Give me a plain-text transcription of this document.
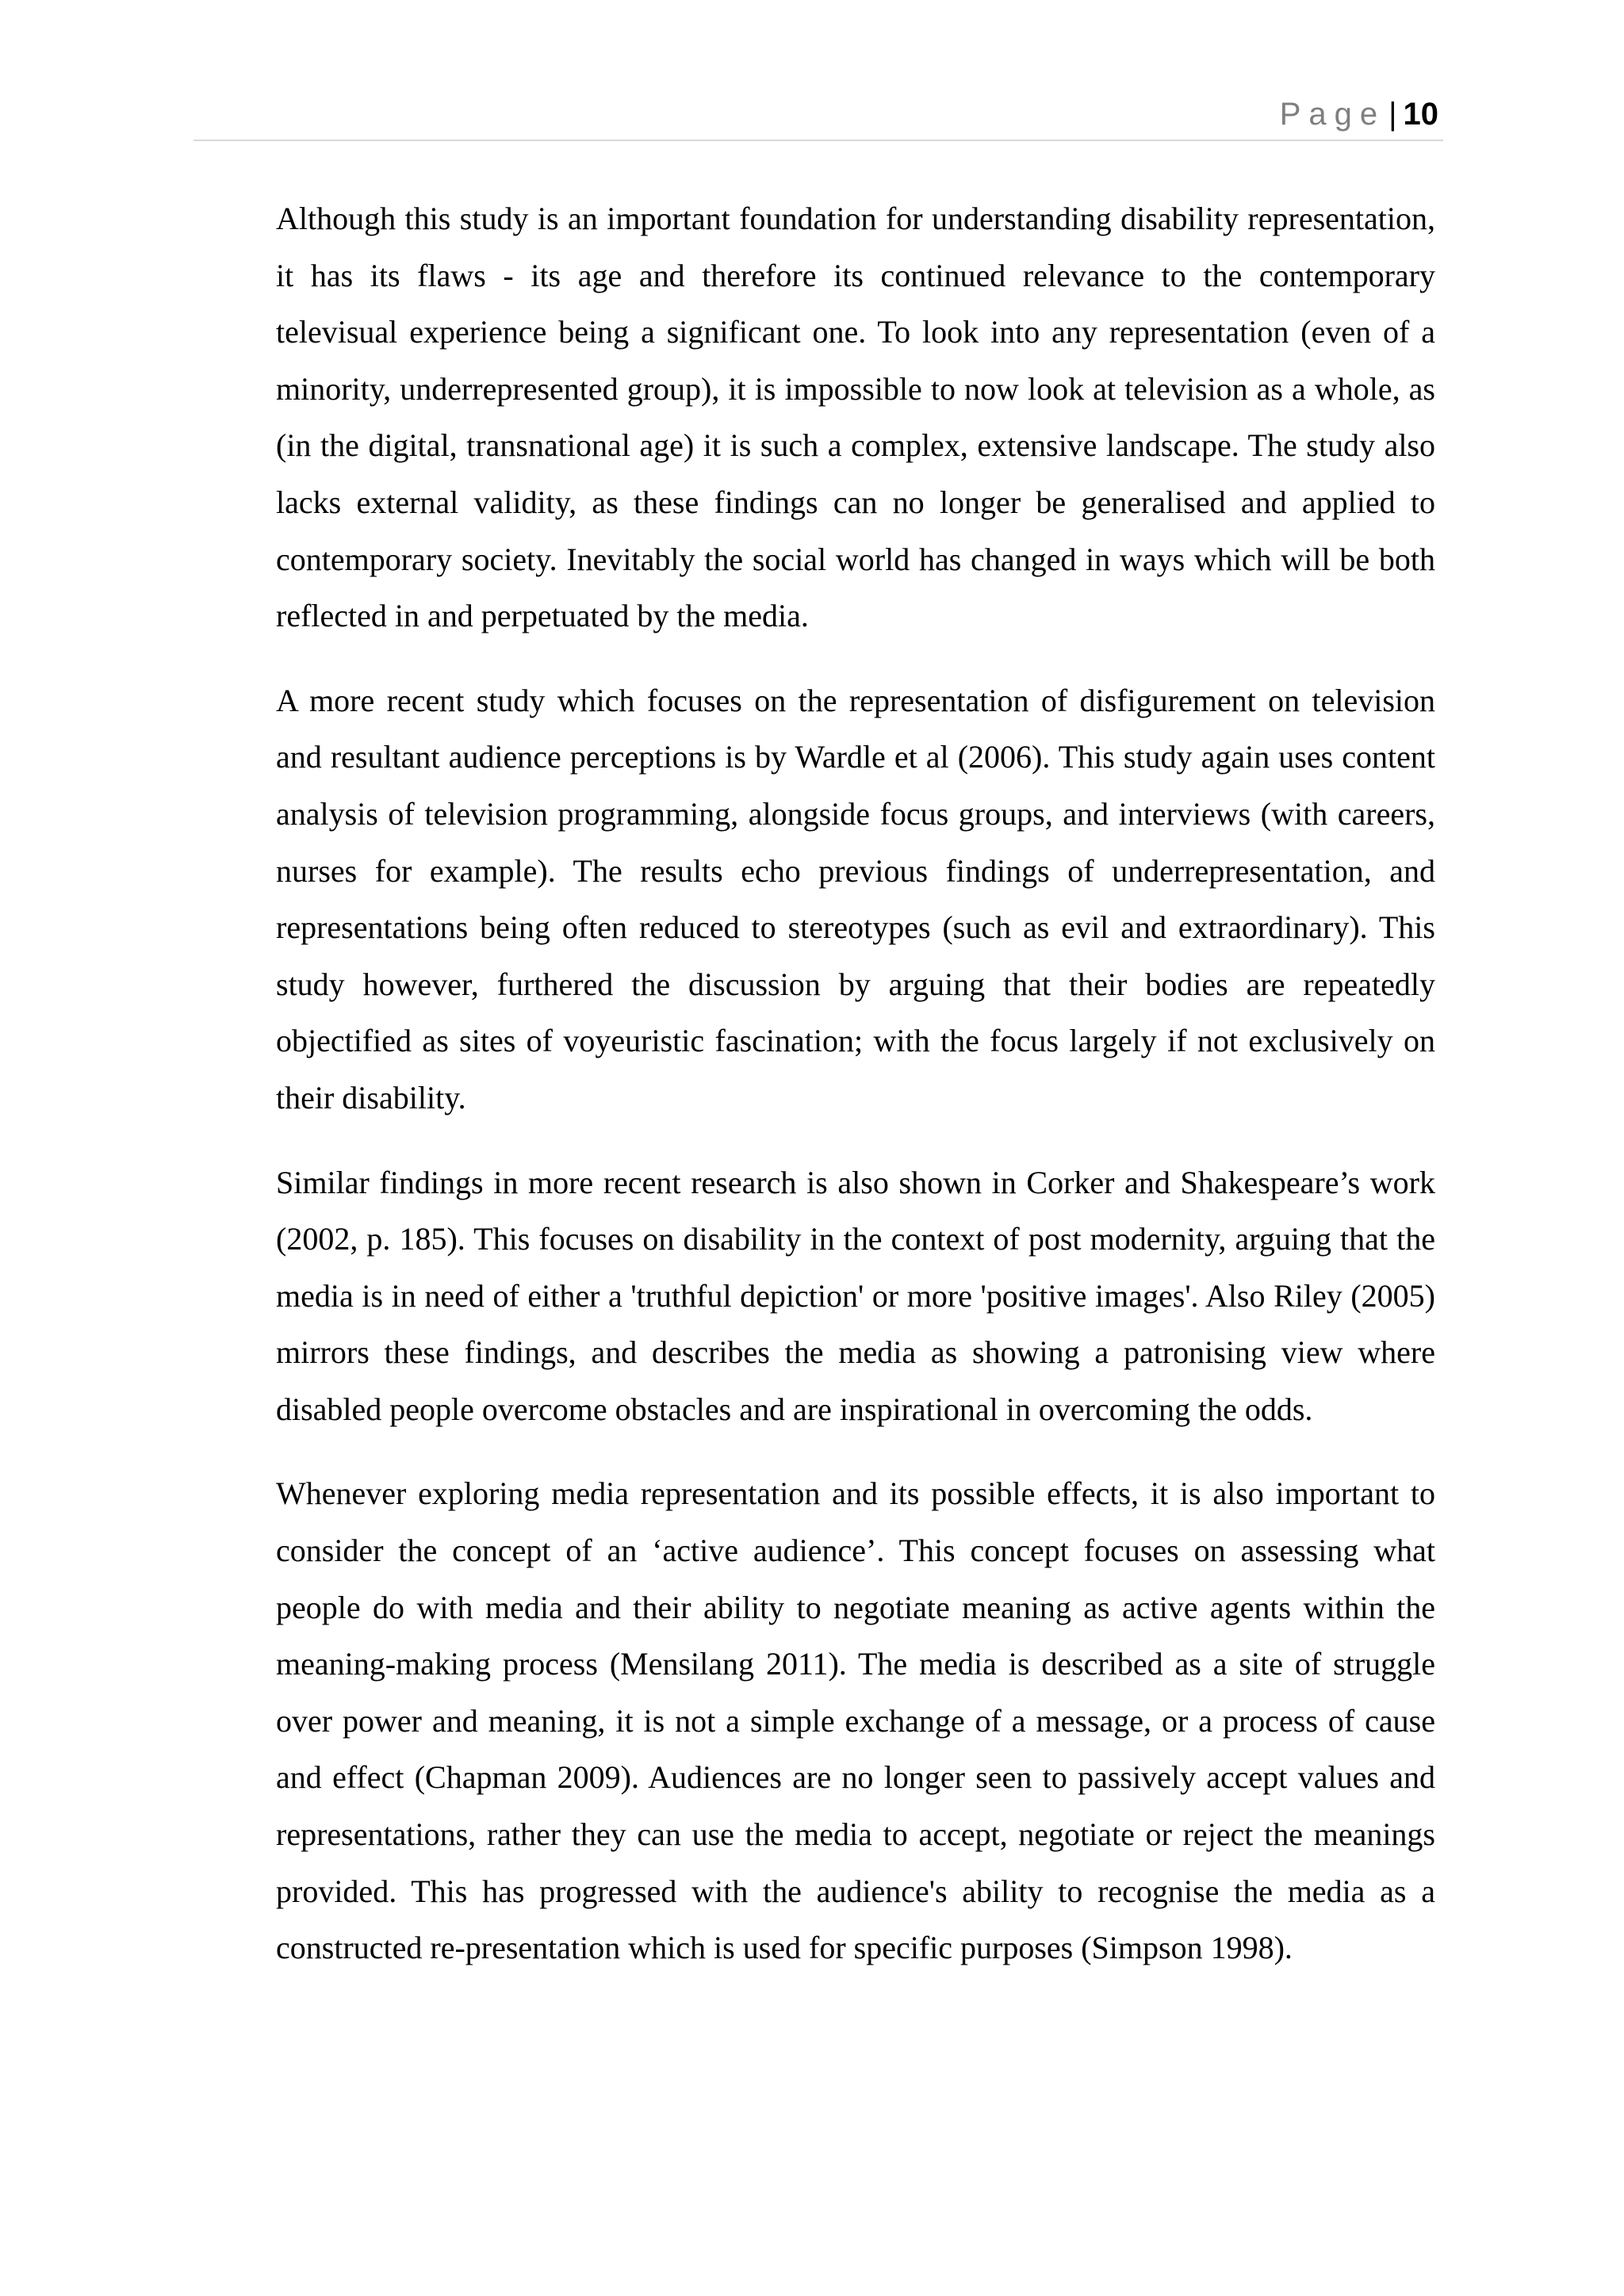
Page | 10

Although this study is an important foundation for understanding disability representation, it has its flaws - its age and therefore its continued relevance to the contemporary televisual experience being a significant one. To look into any representation (even of a minority, underrepresented group), it is impossible to now look at television as a whole, as (in the digital, transnational age) it is such a complex, extensive landscape. The study also lacks external validity, as these findings can no longer be generalised and applied to contemporary society. Inevitably the social world has changed in ways which will be both reflected in and perpetuated by the media.

A more recent study which focuses on the representation of disfigurement on television and resultant audience perceptions is by Wardle et al (2006). This study again uses content analysis of television programming, alongside focus groups, and interviews (with careers, nurses for example). The results echo previous findings of underrepresentation, and representations being often reduced to stereotypes (such as evil and extraordinary). This study however, furthered the discussion by arguing that their bodies are repeatedly objectified as sites of voyeuristic fascination; with the focus largely if not exclusively on their disability.

Similar findings in more recent research is also shown in Corker and Shakespeare’s work (2002, p. 185). This focuses on disability in the context of post modernity, arguing that the media is in need of either a 'truthful depiction' or more 'positive images'. Also Riley (2005) mirrors these findings, and describes the media as showing a patronising view where disabled people overcome obstacles and are inspirational in overcoming the odds.

Whenever exploring media representation and its possible effects, it is also important to consider the concept of an ‘active audience’. This concept focuses on assessing what people do with media and their ability to negotiate meaning as active agents within the meaning-making process (Mensilang 2011). The media is described as a site of struggle over power and meaning, it is not a simple exchange of a message, or a process of cause and effect (Chapman 2009). Audiences are no longer seen to passively accept values and representations, rather they can use the media to accept, negotiate or reject the meanings provided. This has progressed with the audience's ability to recognise the media as a constructed re-presentation which is used for specific purposes (Simpson 1998).
